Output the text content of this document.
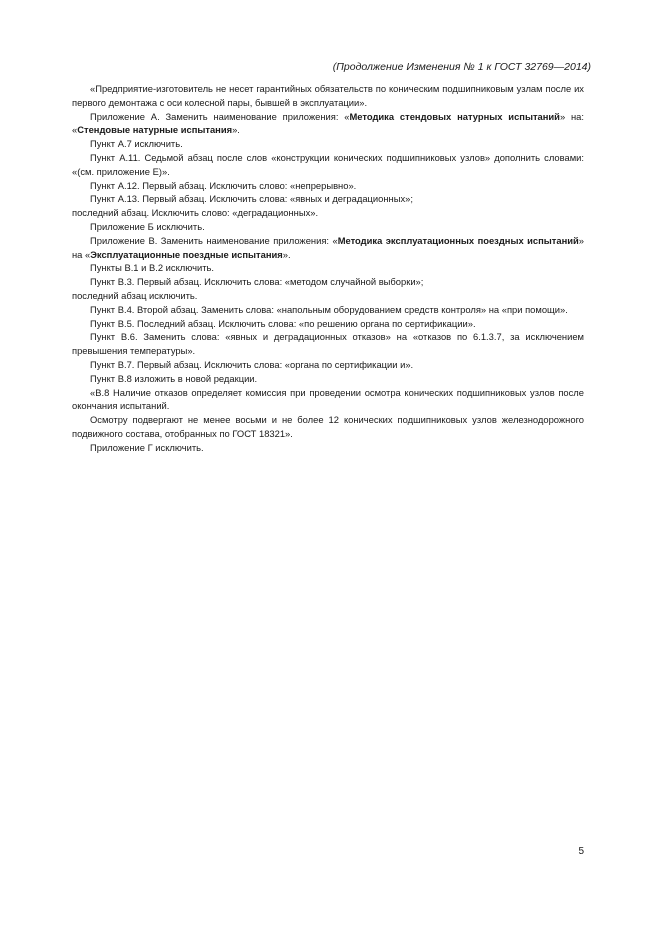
(Продолжение Изменения № 1 к ГОСТ 32769—2014)

«Предприятие-изготовитель не несет гарантийных обязательств по коническим подшипниковым узлам после их первого демонтажа с оси колесной пары, бывшей в эксплуатации».

Приложение А. Заменить наименование приложения: «Методика стендовых натурных испытаний» на: «Стендовые натурные испытания».

Пункт А.7 исключить.

Пункт А.11. Седьмой абзац после слов «конструкции конических подшипниковых узлов» дополнить словами: «(см. приложение Е)».

Пункт А.12. Первый абзац. Исключить слово: «непрерывно».

Пункт А.13. Первый абзац. Исключить слова: «явных и деградационных»;

последний абзац. Исключить слово: «деградационных».

Приложение Б исключить.

Приложение В. Заменить наименование приложения: «Методика эксплуатационных поездных испытаний» на «Эксплуатационные поездные испытания».

Пункты В.1 и В.2 исключить.

Пункт В.3. Первый абзац. Исключить слова: «методом случайной выборки»;

последний абзац исключить.

Пункт В.4. Второй абзац. Заменить слова: «напольным оборудованием средств контроля» на «при помощи».

Пункт В.5. Последний абзац. Исключить слова: «по решению органа по сертификации».

Пункт В.6. Заменить слова: «явных и деградационных отказов» на «отказов по 6.1.3.7, за исключением превышения температуры».

Пункт В.7. Первый абзац. Исключить слова: «органа по сертификации и».

Пункт В.8 изложить в новой редакции.

«В.8 Наличие отказов определяет комиссия при проведении осмотра конических подшипниковых узлов после окончания испытаний.

Осмотру подвергают не менее восьми и не более 12 конических подшипниковых узлов железнодорожного подвижного состава, отобранных по ГОСТ 18321».

Приложение Г исключить.

5
